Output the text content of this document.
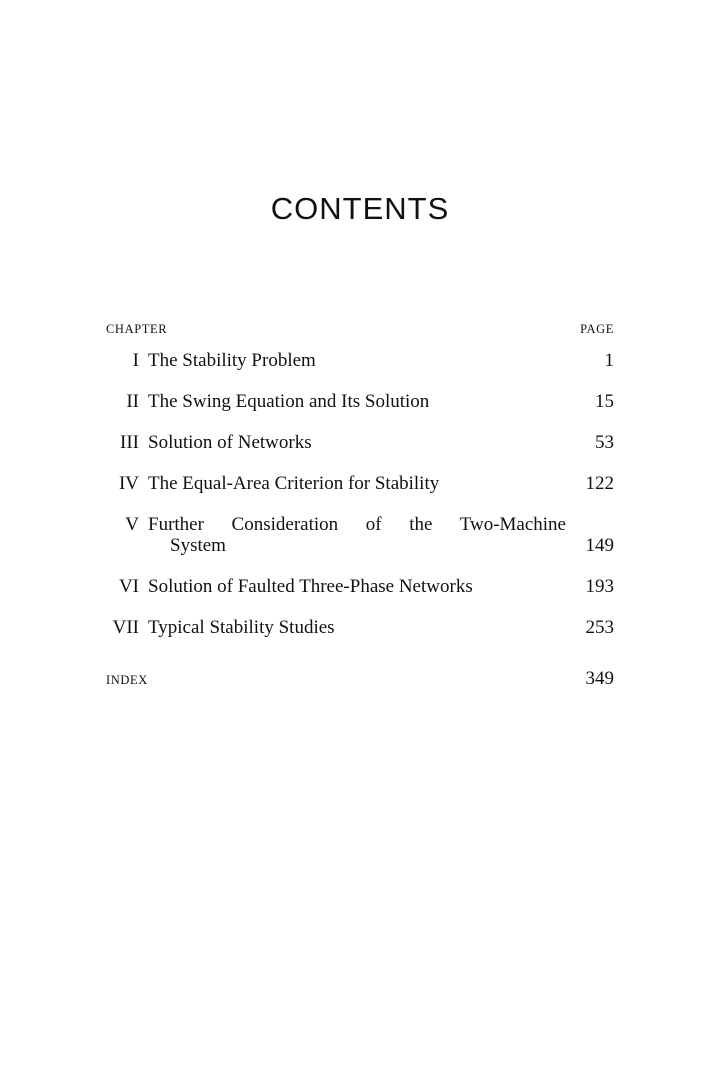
CONTENTS
CHAPTER	PAGE
I The Stability Problem	1
II The Swing Equation and Its Solution	15
III Solution of Networks	53
IV The Equal-Area Criterion for Stability	122
V Further Consideration of the Two-Machine
System	149
VI Solution of Faulted Three-Phase Networks	193
VII Typical Stability Studies	253
INDEX	349
